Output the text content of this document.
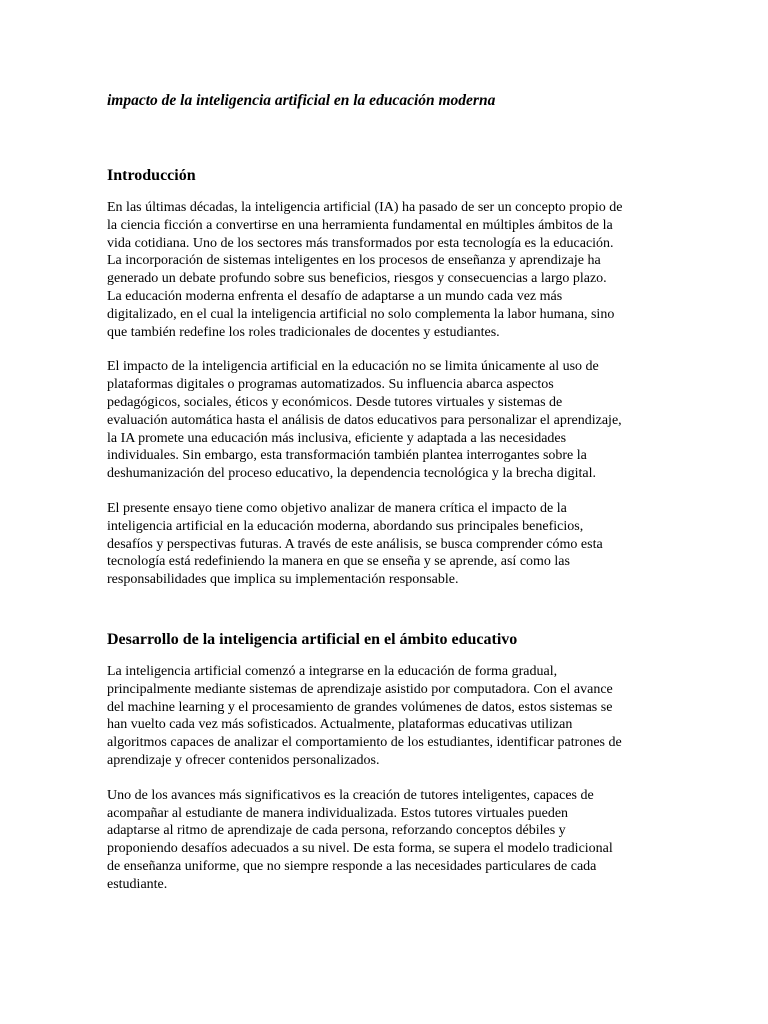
impacto de la inteligencia artificial en la educación moderna
Introducción

En las últimas décadas, la inteligencia artificial (IA) ha pasado de ser un concepto propio de
la ciencia ficción a convertirse en una herramienta fundamental en múltiples ámbitos de la
vida cotidiana. Uno de los sectores más transformados por esta tecnología es la educación.
La incorporación de sistemas inteligentes en los procesos de enseñanza y aprendizaje ha
generado un debate profundo sobre sus beneficios, riesgos y consecuencias a largo plazo.
La educación moderna enfrenta el desafío de adaptarse a un mundo cada vez más
digitalizado, en el cual la inteligencia artificial no solo complementa la labor humana, sino
que también redefine los roles tradicionales de docentes y estudiantes.

El impacto de la inteligencia artificial en la educación no se limita únicamente al uso de
plataformas digitales o programas automatizados. Su influencia abarca aspectos
pedagógicos, sociales, éticos y económicos. Desde tutores virtuales y sistemas de
evaluación automática hasta el análisis de datos educativos para personalizar el aprendizaje,
la IA promete una educación más inclusiva, eficiente y adaptada a las necesidades
individuales. Sin embargo, esta transformación también plantea interrogantes sobre la
deshumanización del proceso educativo, la dependencia tecnológica y la brecha digital.

El presente ensayo tiene como objetivo analizar de manera crítica el impacto de la
inteligencia artificial en la educación moderna, abordando sus principales beneficios,
desafíos y perspectivas futuras. A través de este análisis, se busca comprender cómo esta
tecnología está redefiniendo la manera en que se enseña y se aprende, así como las
responsabilidades que implica su implementación responsable.

Desarrollo de la inteligencia artificial en el ámbito educativo

La inteligencia artificial comenzó a integrarse en la educación de forma gradual,
principalmente mediante sistemas de aprendizaje asistido por computadora. Con el avance
del machine learning y el procesamiento de grandes volúmenes de datos, estos sistemas se
han vuelto cada vez más sofisticados. Actualmente, plataformas educativas utilizan
algoritmos capaces de analizar el comportamiento de los estudiantes, identificar patrones de
aprendizaje y ofrecer contenidos personalizados.

Uno de los avances más significativos es la creación de tutores inteligentes, capaces de
acompañar al estudiante de manera individualizada. Estos tutores virtuales pueden
adaptarse al ritmo de aprendizaje de cada persona, reforzando conceptos débiles y
proponiendo desafíos adecuados a su nivel. De esta forma, se supera el modelo tradicional
de enseñanza uniforme, que no siempre responde a las necesidades particulares de cada
estudiante.
